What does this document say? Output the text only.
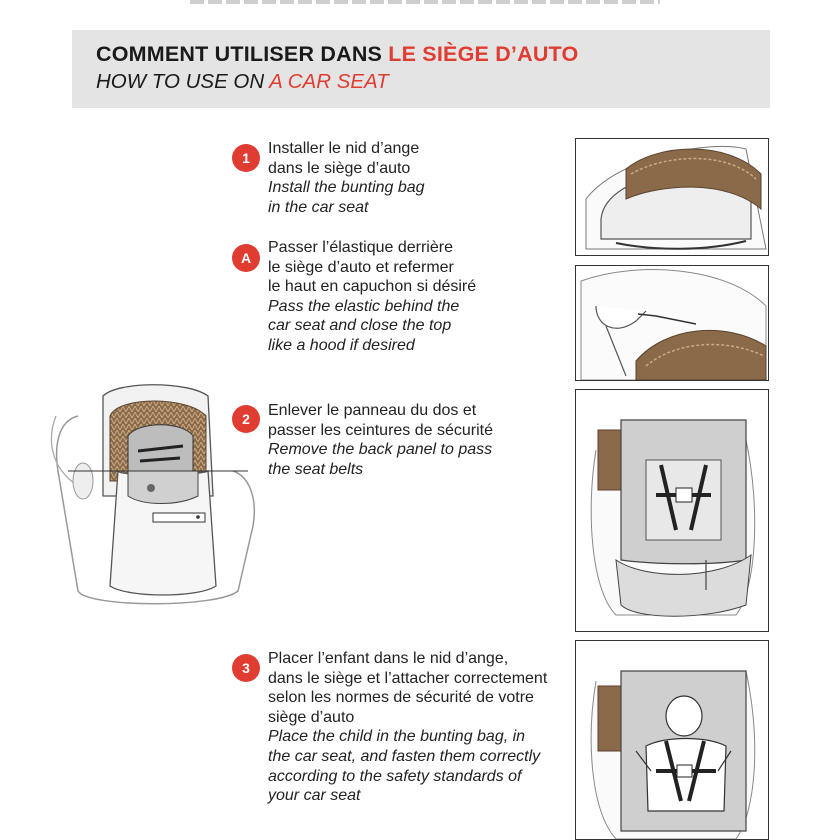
COMMENT UTILISER DANS LE SIÈGE D’AUTO
HOW TO USE ON A CAR SEAT
1
Installer le nid d’ange
dans le siège d’auto
Install the bunting bag
in the car seat
A
Passer l’élastique derrière
le siège d’auto et refermer
le haut en capuchon si désiré
Pass the elastic behind the
car seat and close the top
like a hood if desired
2	Enlever le panneau du dos et
passer les ceintures de sécurité
Remove the back panel to pass
the seat belts
3
Placer l’enfant dans le nid d’ange,
dans le siège et l’attacher correctement
selon les normes de sécurité de votre
siège d’auto
Place the child in the bunting bag, in
the car seat, and fasten them correctly
according to the safety standards of
your car seat
